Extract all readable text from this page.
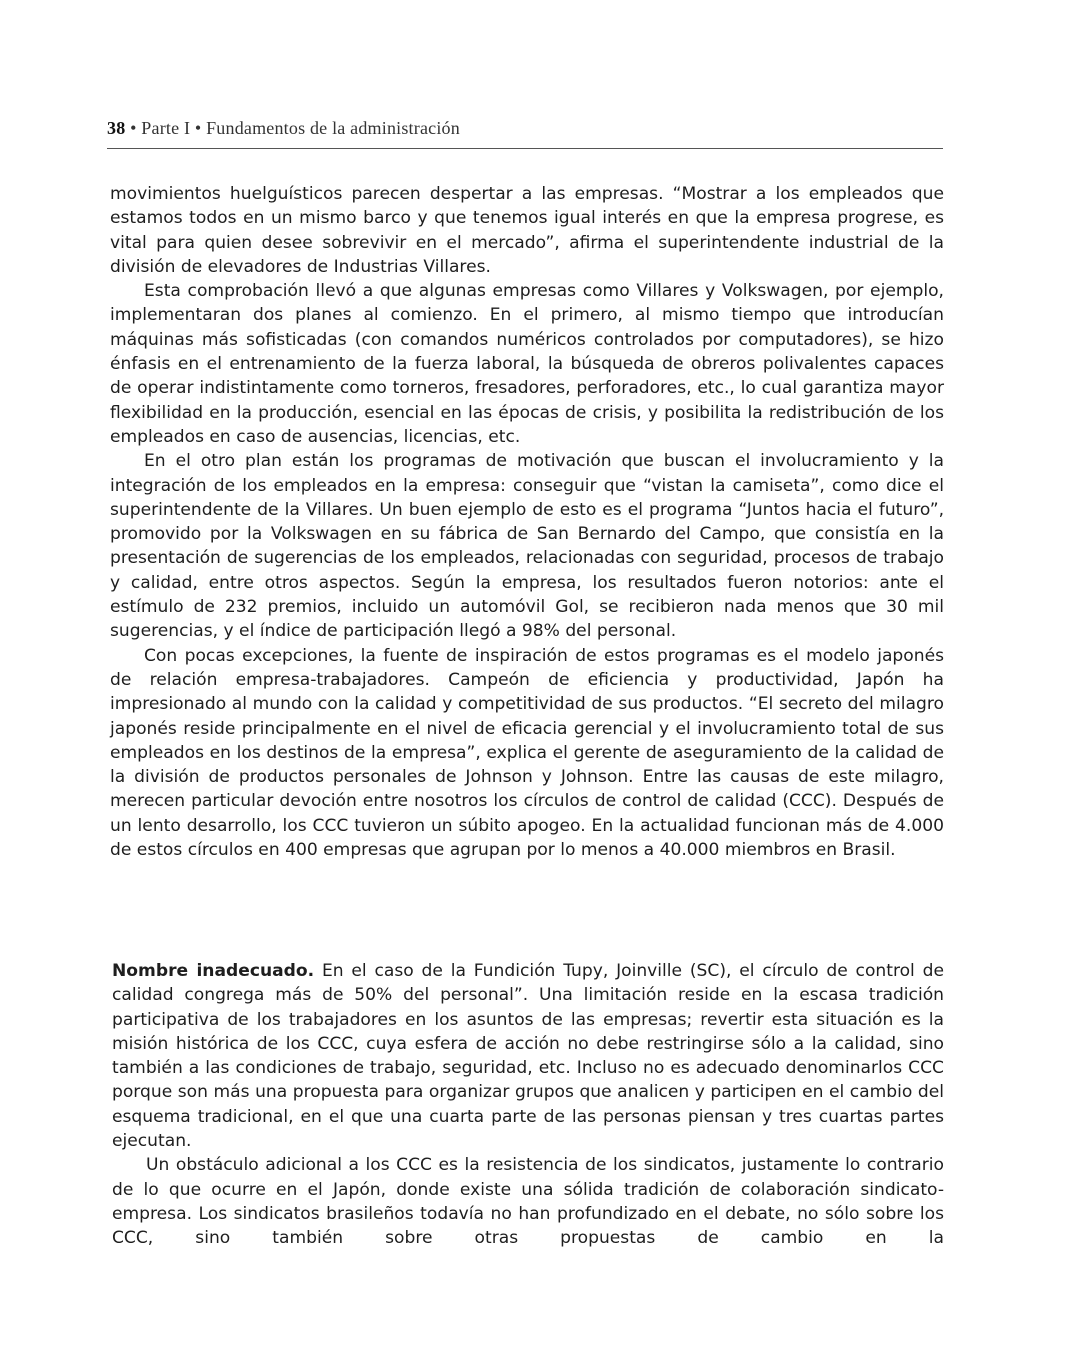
38 • Parte I • Fundamentos de la administración

movimientos huelguísticos parecen despertar a las empresas. “Mostrar a los empleados que estamos todos en un mismo barco y que tenemos igual interés en que la empresa progrese, es vital para quien desee sobrevivir en el mercado”, afirma el superintendente industrial de la división de elevadores de Industrias Villares.

Esta comprobación llevó a que algunas empresas como Villares y Volkswagen, por ejemplo, implementaran dos planes al comienzo. En el primero, al mismo tiempo que introducían máquinas más sofisticadas (con comandos numéricos controlados por computadores), se hizo énfasis en el entrenamiento de la fuerza laboral, la búsqueda de obreros polivalentes capaces de operar indistintamente como torneros, fresadores, perforadores, etc., lo cual garantiza mayor flexibilidad en la producción, esencial en las épocas de crisis, y posibilita la redistribución de los empleados en caso de ausencias, licencias, etc.

En el otro plan están los programas de motivación que buscan el involucramiento y la integración de los empleados en la empresa: conseguir que “vistan la camiseta”, como dice el superintendente de la Villares. Un buen ejemplo de esto es el programa “Juntos hacia el futuro”, promovido por la Volkswagen en su fábrica de San Bernardo del Campo, que consistía en la presentación de sugerencias de los empleados, relacionadas con seguridad, procesos de trabajo y calidad, entre otros aspectos. Según la empresa, los resultados fueron notorios: ante el estímulo de 232 premios, incluido un automóvil Gol, se recibieron nada menos que 30 mil sugerencias, y el índice de participación llegó a 98% del personal.

Con pocas excepciones, la fuente de inspiración de estos programas es el modelo japonés de relación empresa-trabajadores. Campeón de eficiencia y productividad, Japón ha impresionado al mundo con la calidad y competitividad de sus productos. “El secreto del milagro japonés reside principalmente en el nivel de eficacia gerencial y el involucramiento total de sus empleados en los destinos de la empresa”, explica el gerente de aseguramiento de la calidad de la división de productos personales de Johnson y Johnson. Entre las causas de este milagro, merecen particular devoción entre nosotros los círculos de control de calidad (CCC). Después de un lento desarrollo, los CCC tuvieron un súbito apogeo. En la actualidad funcionan más de 4.000 de estos círculos en 400 empresas que agrupan por lo menos a 40.000 miembros en Brasil.

Nombre inadecuado. En el caso de la Fundición Tupy, Joinville (SC), el círculo de control de calidad congrega más de 50% del personal”. Una limitación reside en la escasa tradición participativa de los trabajadores en los asuntos de las empresas; revertir esta situación es la misión histórica de los CCC, cuya esfera de acción no debe restringirse sólo a la calidad, sino también a las condiciones de trabajo, seguridad, etc. Incluso no es adecuado denominarlos CCC porque son más una propuesta para organizar grupos que analicen y participen en el cambio del esquema tradicional, en el que una cuarta parte de las personas piensan y tres cuartas partes ejecutan.

Un obstáculo adicional a los CCC es la resistencia de los sindicatos, justamente lo contrario de lo que ocurre en el Japón, donde existe una sólida tradición de colaboración sindicato-empresa. Los sindicatos brasileños todavía no han profundizado en el debate, no sólo sobre los CCC, sino también sobre otras propuestas de cambio en la
